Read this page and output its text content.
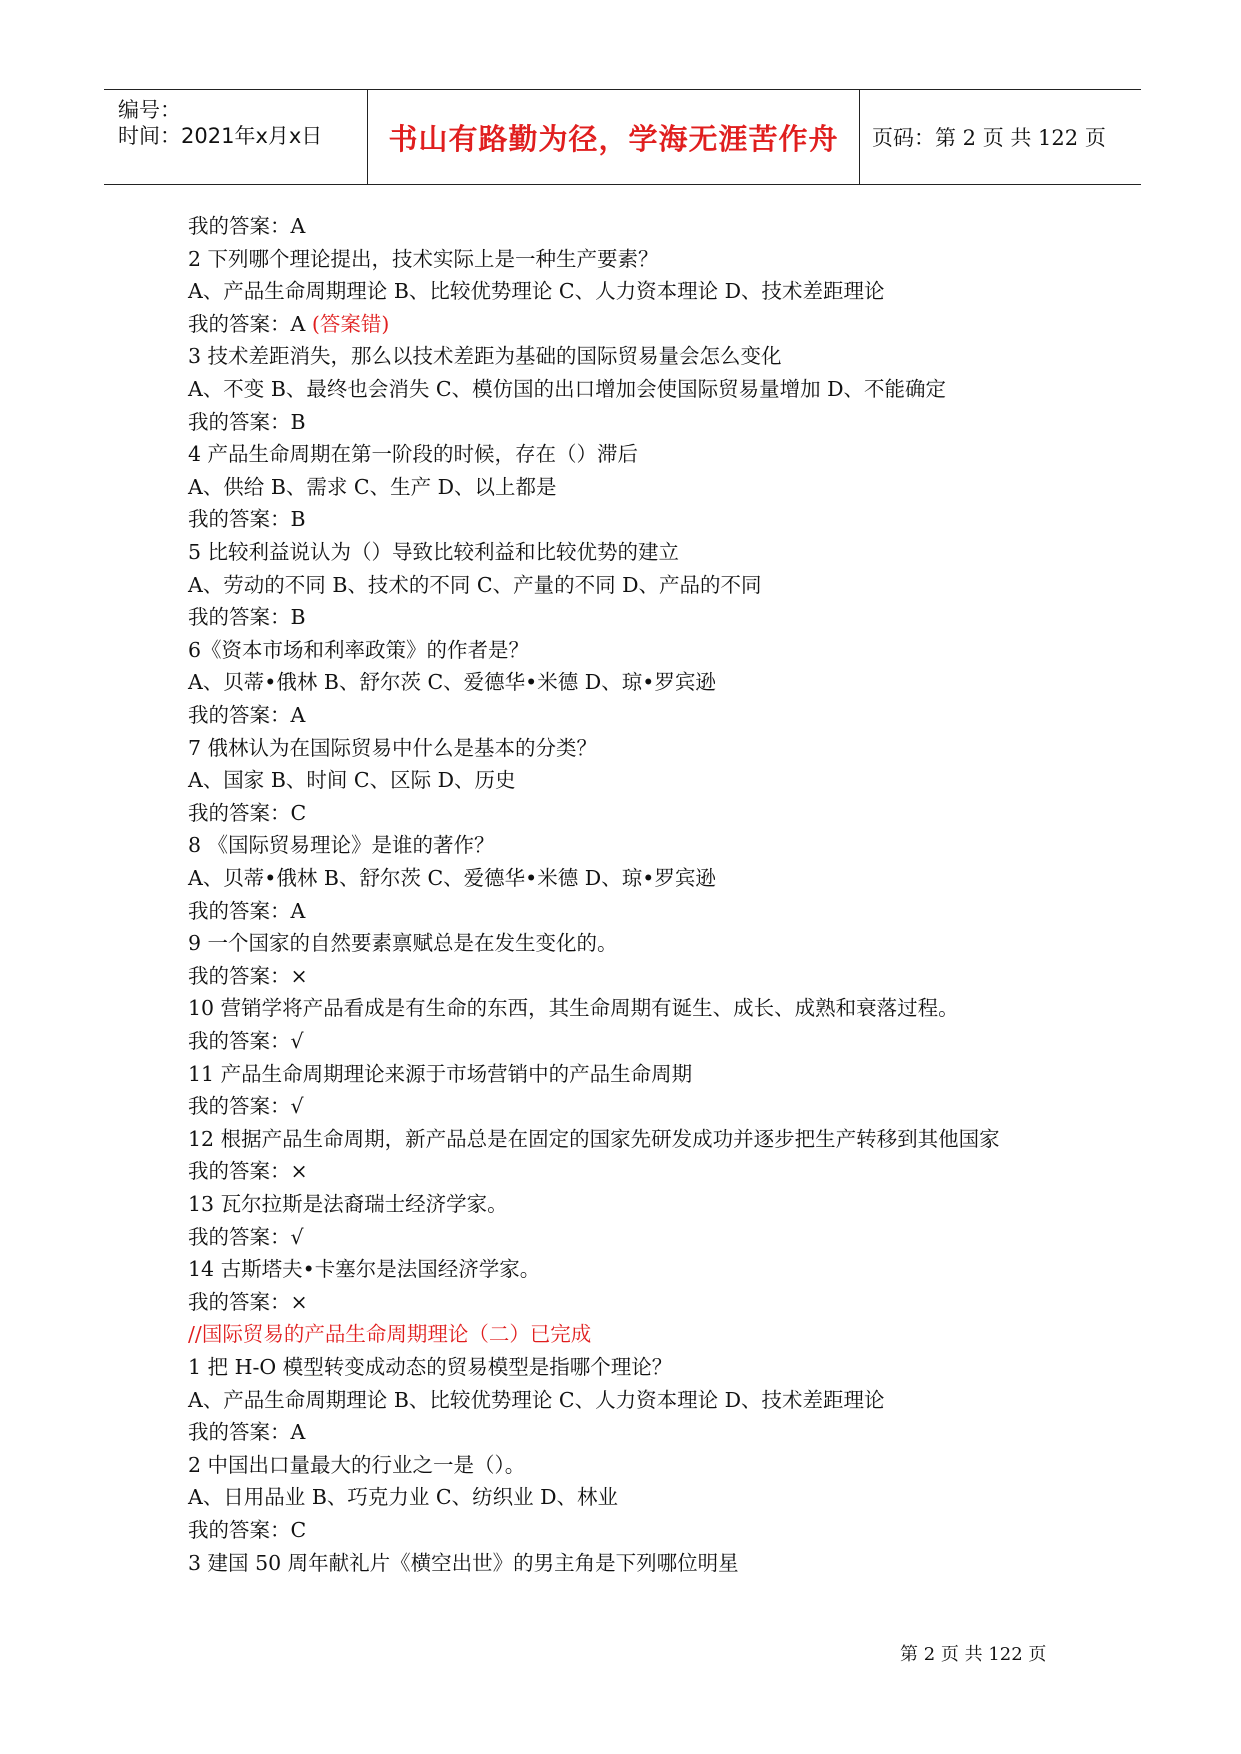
编号：
时间：2021年x月x日 书山有路勤为径，学海无涯苦作舟 页码：第 2 页 共 122 页
我的答案：A
2 下列哪个理论提出，技术实际上是一种生产要素？
A、产品生命周期理论 B、比较优势理论 C、人力资本理论 D、技术差距理论
我的答案：A (答案错)
3 技术差距消失，那么以技术差距为基础的国际贸易量会怎么变化
A、不变 B、最终也会消失 C、模仿国的出口增加会使国际贸易量增加 D、不能确定
我的答案：B
4 产品生命周期在第一阶段的时候，存在（）滞后
A、供给 B、需求 C、生产 D、以上都是
我的答案：B
5 比较利益说认为（）导致比较利益和比较优势的建立
A、劳动的不同 B、技术的不同 C、产量的不同 D、产品的不同
我的答案：B
6《资本市场和利率政策》的作者是？
A、贝蒂•俄林 B、舒尔茨 C、爱德华•米德 D、琼•罗宾逊
我的答案：A
7 俄林认为在国际贸易中什么是基本的分类？
A、国家 B、时间 C、区际 D、历史
我的答案：C
8 《国际贸易理论》是谁的著作？
A、贝蒂•俄林 B、舒尔茨 C、爱德华•米德 D、琼•罗宾逊
我的答案：A
9 一个国家的自然要素禀赋总是在发生变化的。
我的答案：×
10 营销学将产品看成是有生命的东西，其生命周期有诞生、成长、成熟和衰落过程。
我的答案：√
11 产品生命周期理论来源于市场营销中的产品生命周期
我的答案：√
12 根据产品生命周期，新产品总是在固定的国家先研发成功并逐步把生产转移到其他国家
我的答案：×
13 瓦尔拉斯是法裔瑞士经济学家。
我的答案：√
14 古斯塔夫•卡塞尔是法国经济学家。
我的答案：×
//国际贸易的产品生命周期理论（二）已完成
1 把 H-O 模型转变成动态的贸易模型是指哪个理论？
A、产品生命周期理论 B、比较优势理论 C、人力资本理论 D、技术差距理论
我的答案：A
2 中国出口量最大的行业之一是（）。
A、日用品业 B、巧克力业 C、纺织业 D、林业
我的答案：C
3 建国 50 周年献礼片《横空出世》的男主角是下列哪位明星
第 2 页 共 122 页
